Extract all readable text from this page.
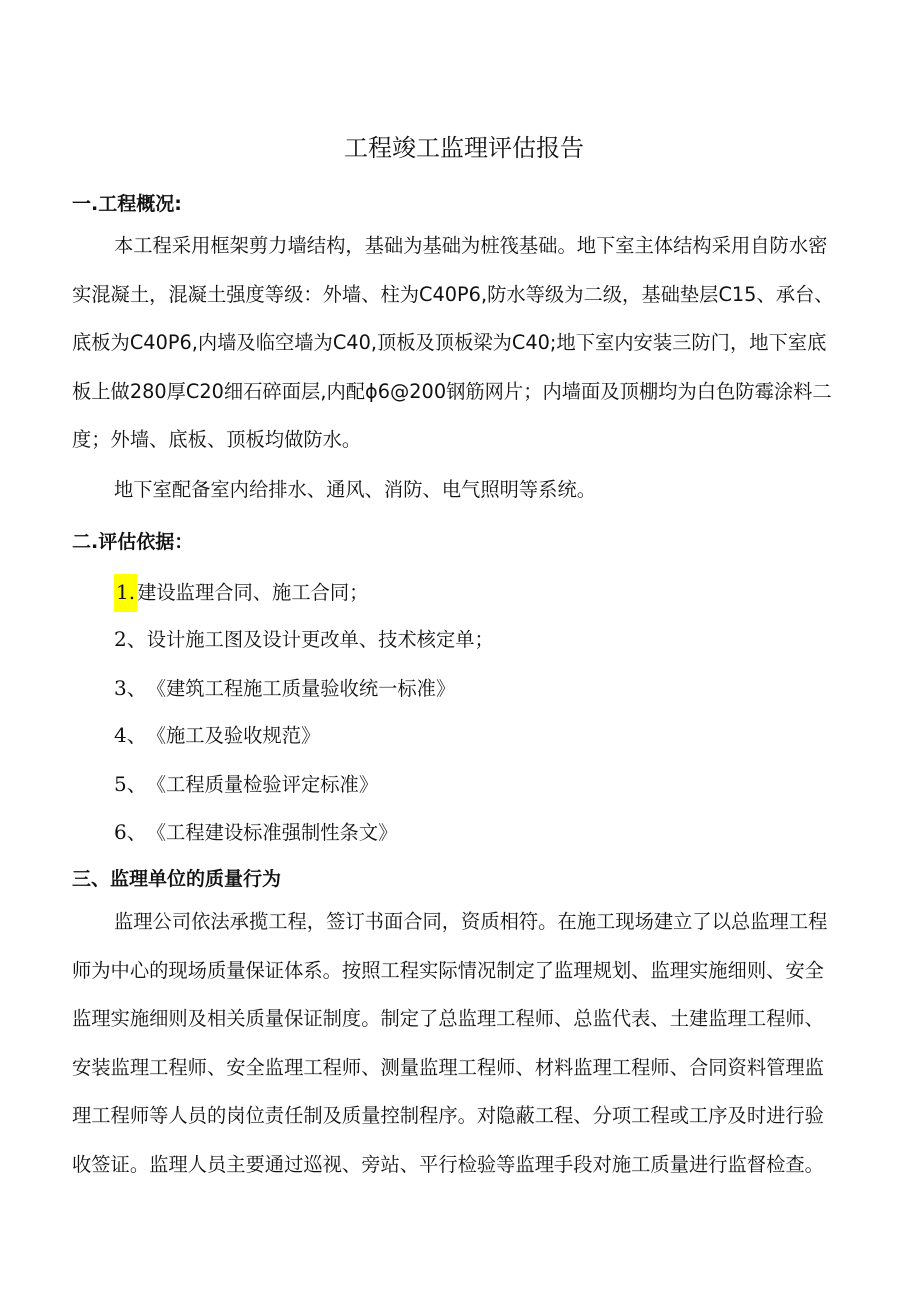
工程竣工监理评估报告
一.工程概况:
本工程采用框架剪力墙结构，基础为基础为桩筏基础。地下室主体结构采用自防水密
实混凝土，混凝土强度等级：外墙、柱为C40P6,防水等级为二级，基础垫层C15、承台、
底板为C40P6,内墙及临空墙为C40,顶板及顶板梁为C40;地下室内安装三防门，地下室底
板上做280厚C20细石碎面层,内配ɸ6@200钢筋网片；内墙面及顶棚均为白色防霉涂料二
度；外墙、底板、顶板均做防水。
地下室配备室内给排水、通风、消防、电气照明等系统。
二.评估依据：
1. 建设监理合同、施工合同；
2、设计施工图及设计更改单、技术核定单；
3、《建筑工程施工质量验收统一标准》
4、《施工及验收规范》
5、《工程质量检验评定标准》
6、《工程建设标准强制性条文》
三、监理单位的质量行为
监理公司依法承揽工程，签订书面合同，资质相符。在施工现场建立了以总监理工程
师为中心的现场质量保证体系。按照工程实际情况制定了监理规划、监理实施细则、安全
监理实施细则及相关质量保证制度。制定了总监理工程师、总监代表、土建监理工程师、
安装监理工程师、安全监理工程师、测量监理工程师、材料监理工程师、合同资料管理监
理工程师等人员的岗位责任制及质量控制程序。对隐蔽工程、分项工程或工序及时进行验
收签证。监理人员主要通过巡视、旁站、平行检验等监理手段对施工质量进行监督检查。
